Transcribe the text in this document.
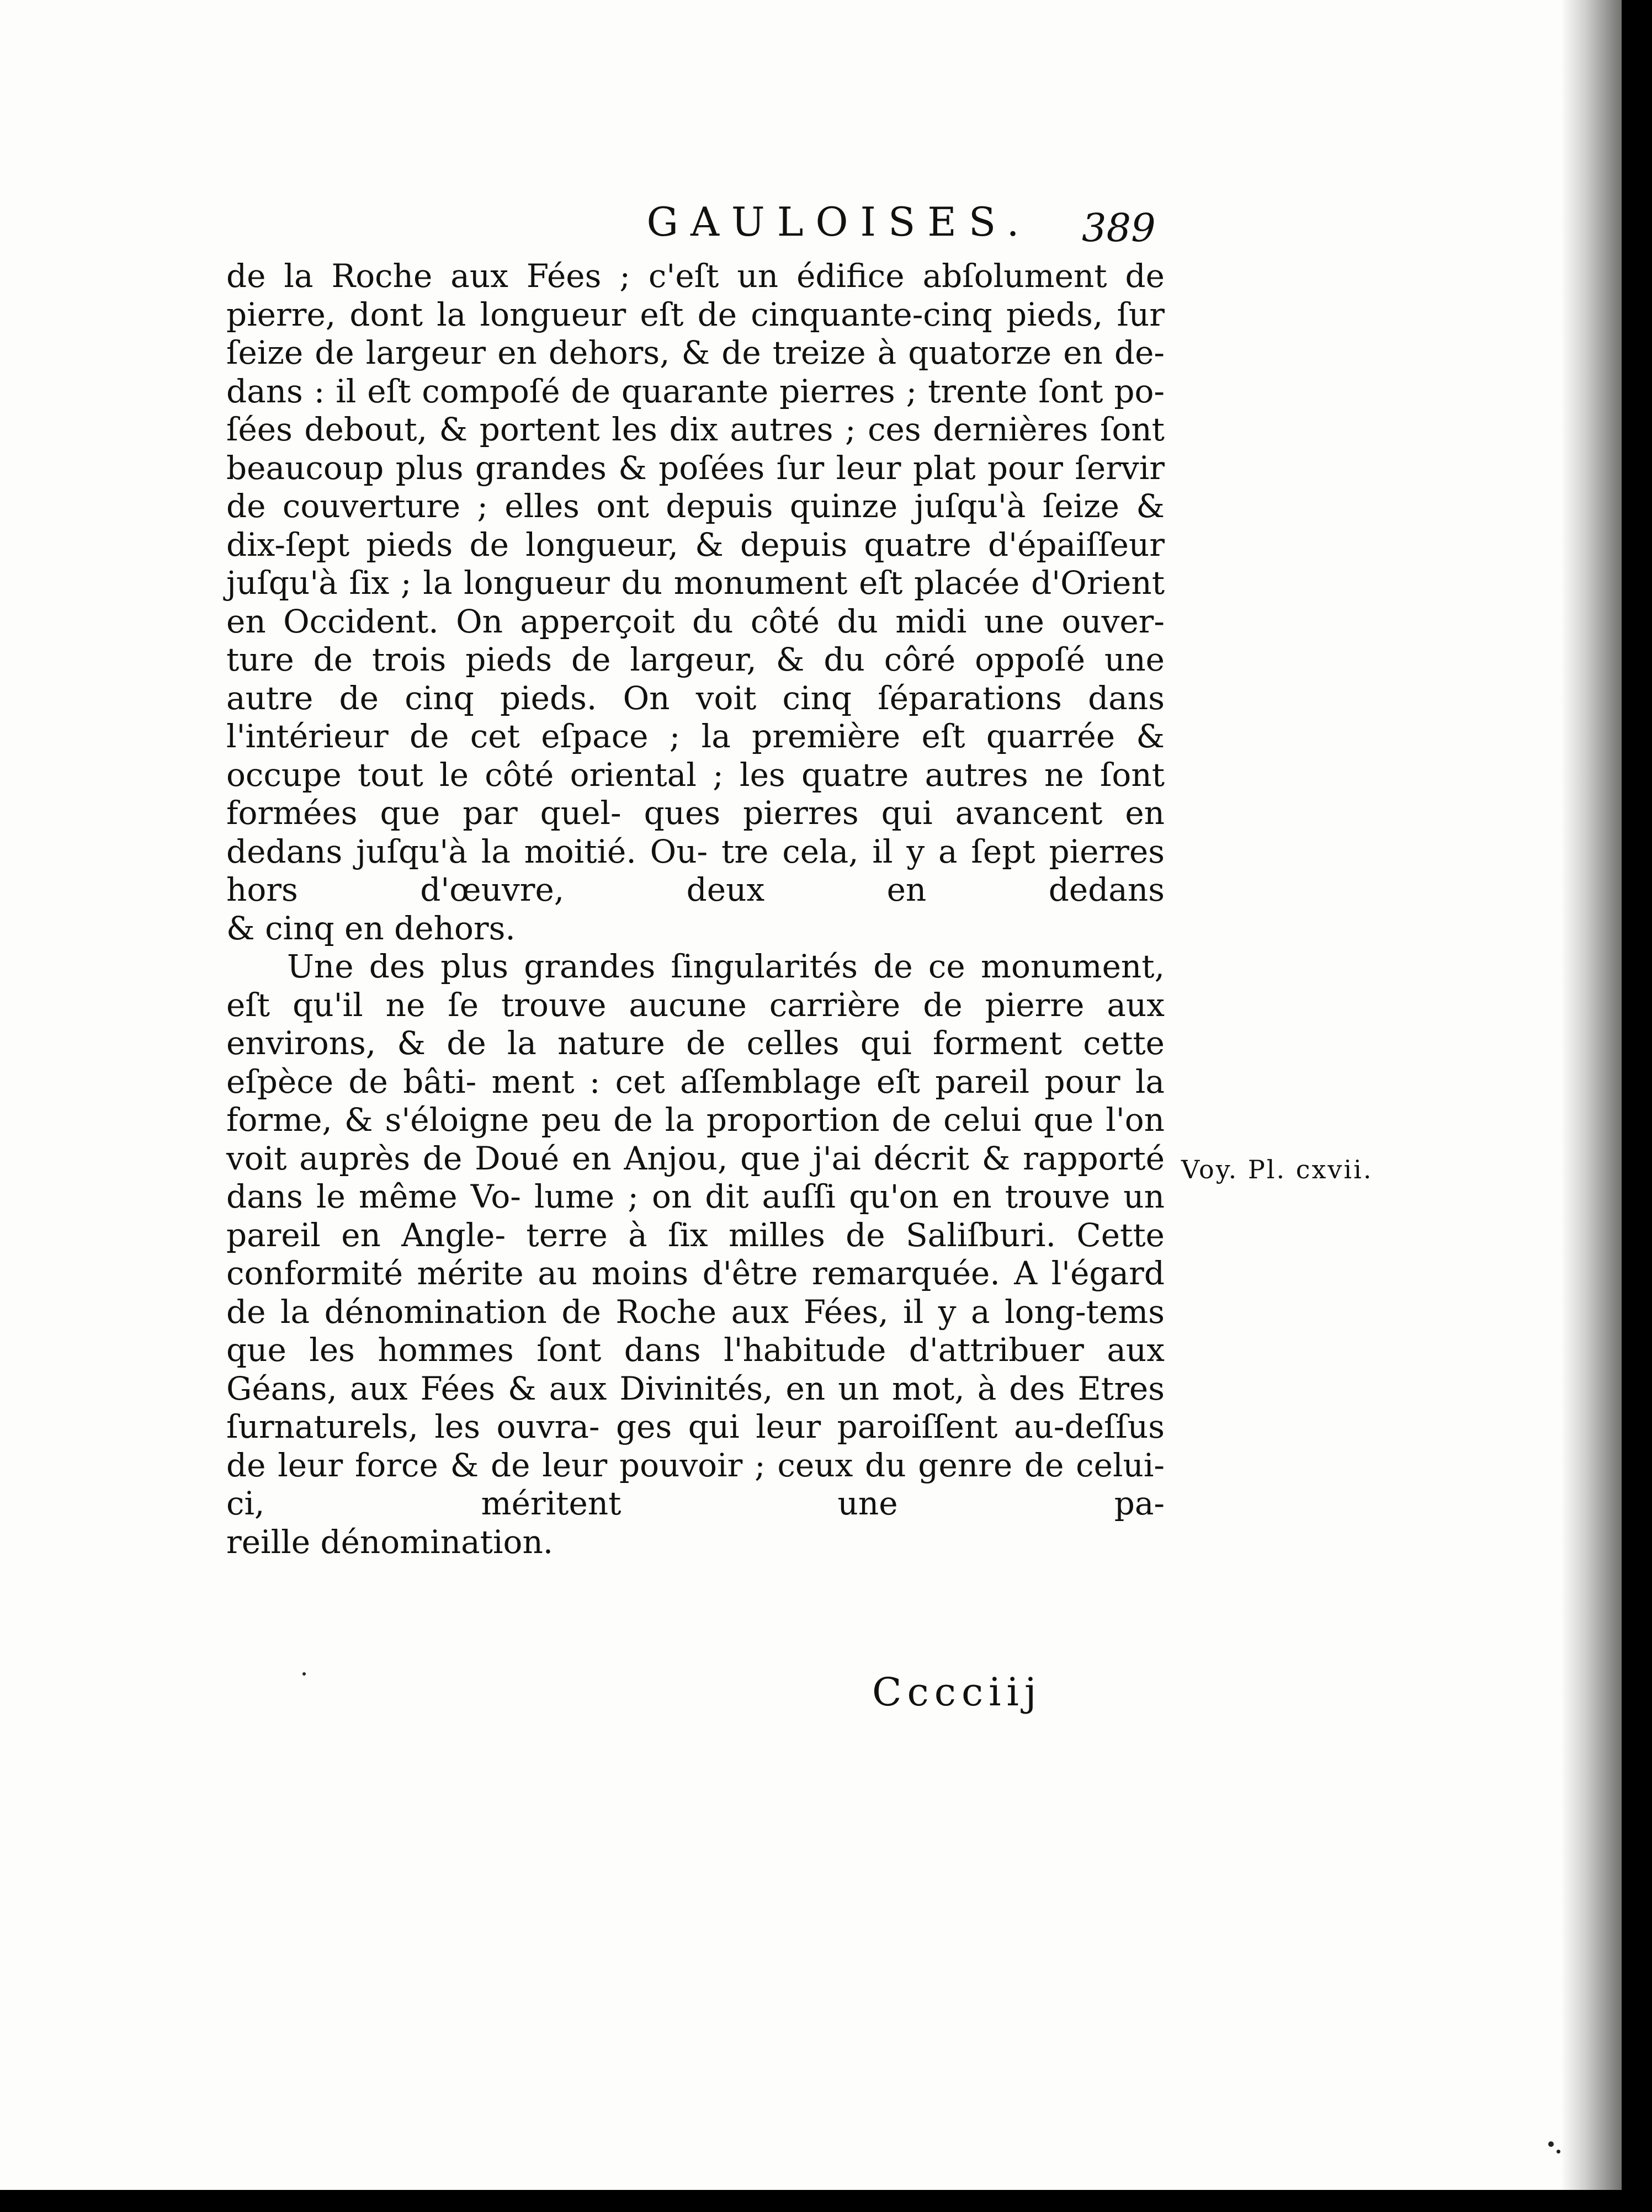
GAULOISES.	389

de la Roche aux Fées ; c'eſt un édifice abſolument de pierre, dont la longueur eſt de cinquante-cinq pieds, ſur ſeize de largeur en dehors, & de treize à quatorze en de- dans : il eſt compoſé de quarante pierres ; trente ſont po- ſées debout, & portent les dix autres ; ces dernières ſont beaucoup plus grandes & poſées ſur leur plat pour ſervir de couverture ; elles ont depuis quinze juſqu'à ſeize & dix-ſept pieds de longueur, & depuis quatre d'épaiſſeur juſqu'à ſix ; la longueur du monument eſt placée d'Orient en Occident. On apperçoit du côté du midi une ouver- ture de trois pieds de largeur, & du côré oppoſé une autre de cinq pieds. On voit cinq ſéparations dans l'intérieur de cet eſpace ; la première eſt quarrée & occupe tout le côté oriental ; les quatre autres ne ſont formées que par quel- ques pierres qui avancent en dedans juſqu'à la moitié. Ou- tre cela, il y a ſept pierres hors d'œuvre, deux en dedans

& cinq en dehors.

Une des plus grandes ſingularités de ce monument, eſt qu'il ne ſe trouve aucune carrière de pierre aux environs, & de la nature de celles qui forment cette eſpèce de bâti- ment : cet aſſemblage eſt pareil pour la forme, & s'éloigne peu de la proportion de celui que l'on voit auprès de Doué en Anjou, que j'ai décrit & rapporté dans le même Vo- lume ; on dit auſſi qu'on en trouve un pareil en Angle- terre à ſix milles de Saliſburi. Cette conformité mérite au moins d'être remarquée. A l'égard de la dénomination de Roche aux Fées, il y a long-tems que les hommes ſont dans l'habitude d'attribuer aux Géans, aux Fées & aux Divinités, en un mot, à des Etres ſurnaturels, les ouvra- ges qui leur paroiſſent au-deſſus de leur force & de leur pouvoir ; ceux du genre de celui-ci, méritent une pa-

reille dénomination.

Voy. Pl. cxvii.
Cccciij
